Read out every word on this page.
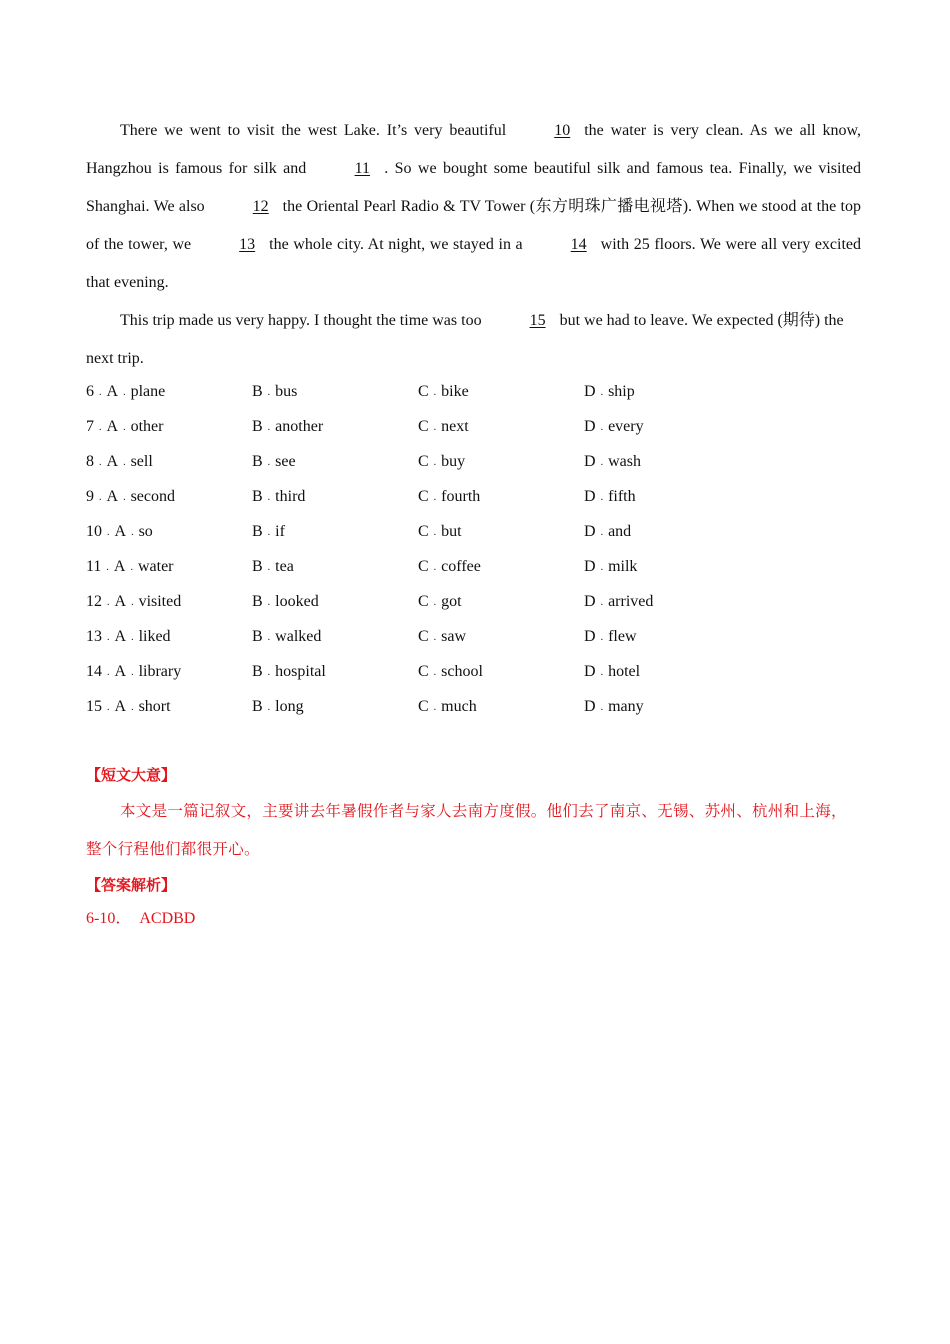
There we went to visit the west Lake. It’s very beautiful	10 the water is very clean. As we all know, Hangzhou is famous for silk and	11 . So we bought some beautiful silk and famous tea. Finally, we visited Shanghai. We also	12 the Oriental Pearl Radio & TV Tower (东方明珠广播电视塔). When we stood at the top of the tower, we	13 the whole city. At night, we stayed in a	14 with 25 floors. We were all very excited that evening.

This trip made us very happy. I thought the time was too	15 but we had to leave. We expected (期待) the next trip.

6 . A . plane	B . bus	C . bike	D . ship
7 . A . other	B . another	C . next	D . every
8 . A . sell	B . see	C . buy	D . wash
9 . A . second	B . third	C . fourth	D . fifth
10 . A . so	B . if	C . but	D . and
11 . A . water	B . tea	C . coffee	D . milk
12 . A . visited	B . looked	C . got	D . arrived
13 . A . liked	B . walked	C . saw	D . flew
14 . A . library	B . hospital	C . school	D . hotel
15 . A . short	B . long	C . much	D . many
【短文大意】

本文是一篇记叙文，主要讲去年暑假作者与家人去南方度假。他们去了南京、无锡、苏州、杭州和上海，整个行程他们都很开心。

【答案解析】
6-10． ACDBD
